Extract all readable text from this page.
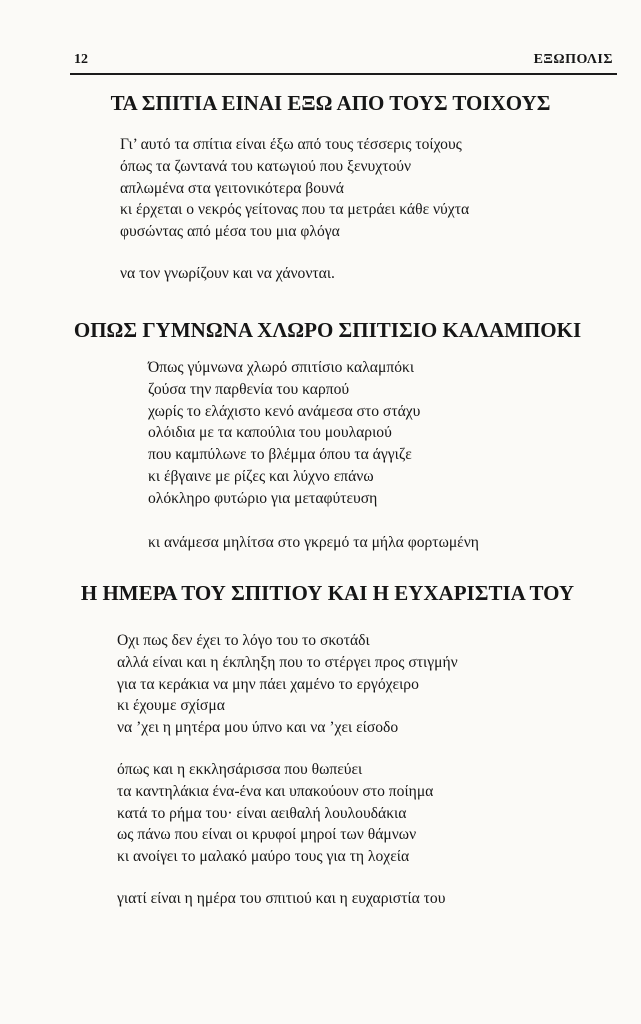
12	ΕΞΩΠΟΛΙΣ
ΤΑ ΣΠΙΤΙΑ ΕΙΝΑΙ ΕΞΩ ΑΠΟ ΤΟΥΣ ΤΟΙΧΟΥΣ
Γι’ αυτό τα σπίτια είναι έξω από τους τέσσερις τοίχους
όπως τα ζωντανά του κατωγιού που ξενυχτούν
απλωμένα στα γειτονικότερα βουνά
κι έρχεται ο νεκρός γείτονας που τα μετράει κάθε νύχτα
φυσώντας από μέσα του μια φλόγα
να τον γνωρίζουν και να χάνονται.
ΟΠΩΣ ΓΥΜΝΩΝΑ ΧΛΩΡΟ ΣΠΙΤΙΣΙΟ ΚΑΛΑΜΠΟΚΙ
Όπως γύμνωνα χλωρό σπιτίσιο καλαμπόκι
ζούσα την παρθενία του καρπού
χωρίς το ελάχιστο κενό ανάμεσα στο στάχυ
ολόιδια με τα καπούλια του μουλαριού
που καμπύλωνε το βλέμμα όπου τα άγγιζε
κι έβγαινε με ρίζες και λύχνο επάνω
ολόκληρο φυτώριο για μεταφύτευση
κι ανάμεσα μηλίτσα στο γκρεμό τα μήλα φορτωμένη
Η ΗΜΕΡΑ ΤΟΥ ΣΠΙΤΙΟΥ ΚΑΙ Η ΕΥΧΑΡΙΣΤΙΑ ΤΟΥ
Οχι πως δεν έχει το λόγο του το σκοτάδι
αλλά είναι και η έκπληξη που το στέργει προς στιγμήν
για τα κεράκια να μην πάει χαμένο το εργόχειρο
κι έχουμε σχίσμα
να ’χει η μητέρα μου ύπνο και να ’χει είσοδο
όπως και η εκκλησάρισσα που θωπεύει
τα καντηλάκια ένα-ένα και υπακούουν στο ποίημα
κατά το ρήμα του· είναι αειθαλή λουλουδάκια
ως πάνω που είναι οι κρυφοί μηροί των θάμνων
κι ανοίγει το μαλακό μαύρο τους για τη λοχεία
γιατί είναι η ημέρα του σπιτιού και η ευχαριστία του
